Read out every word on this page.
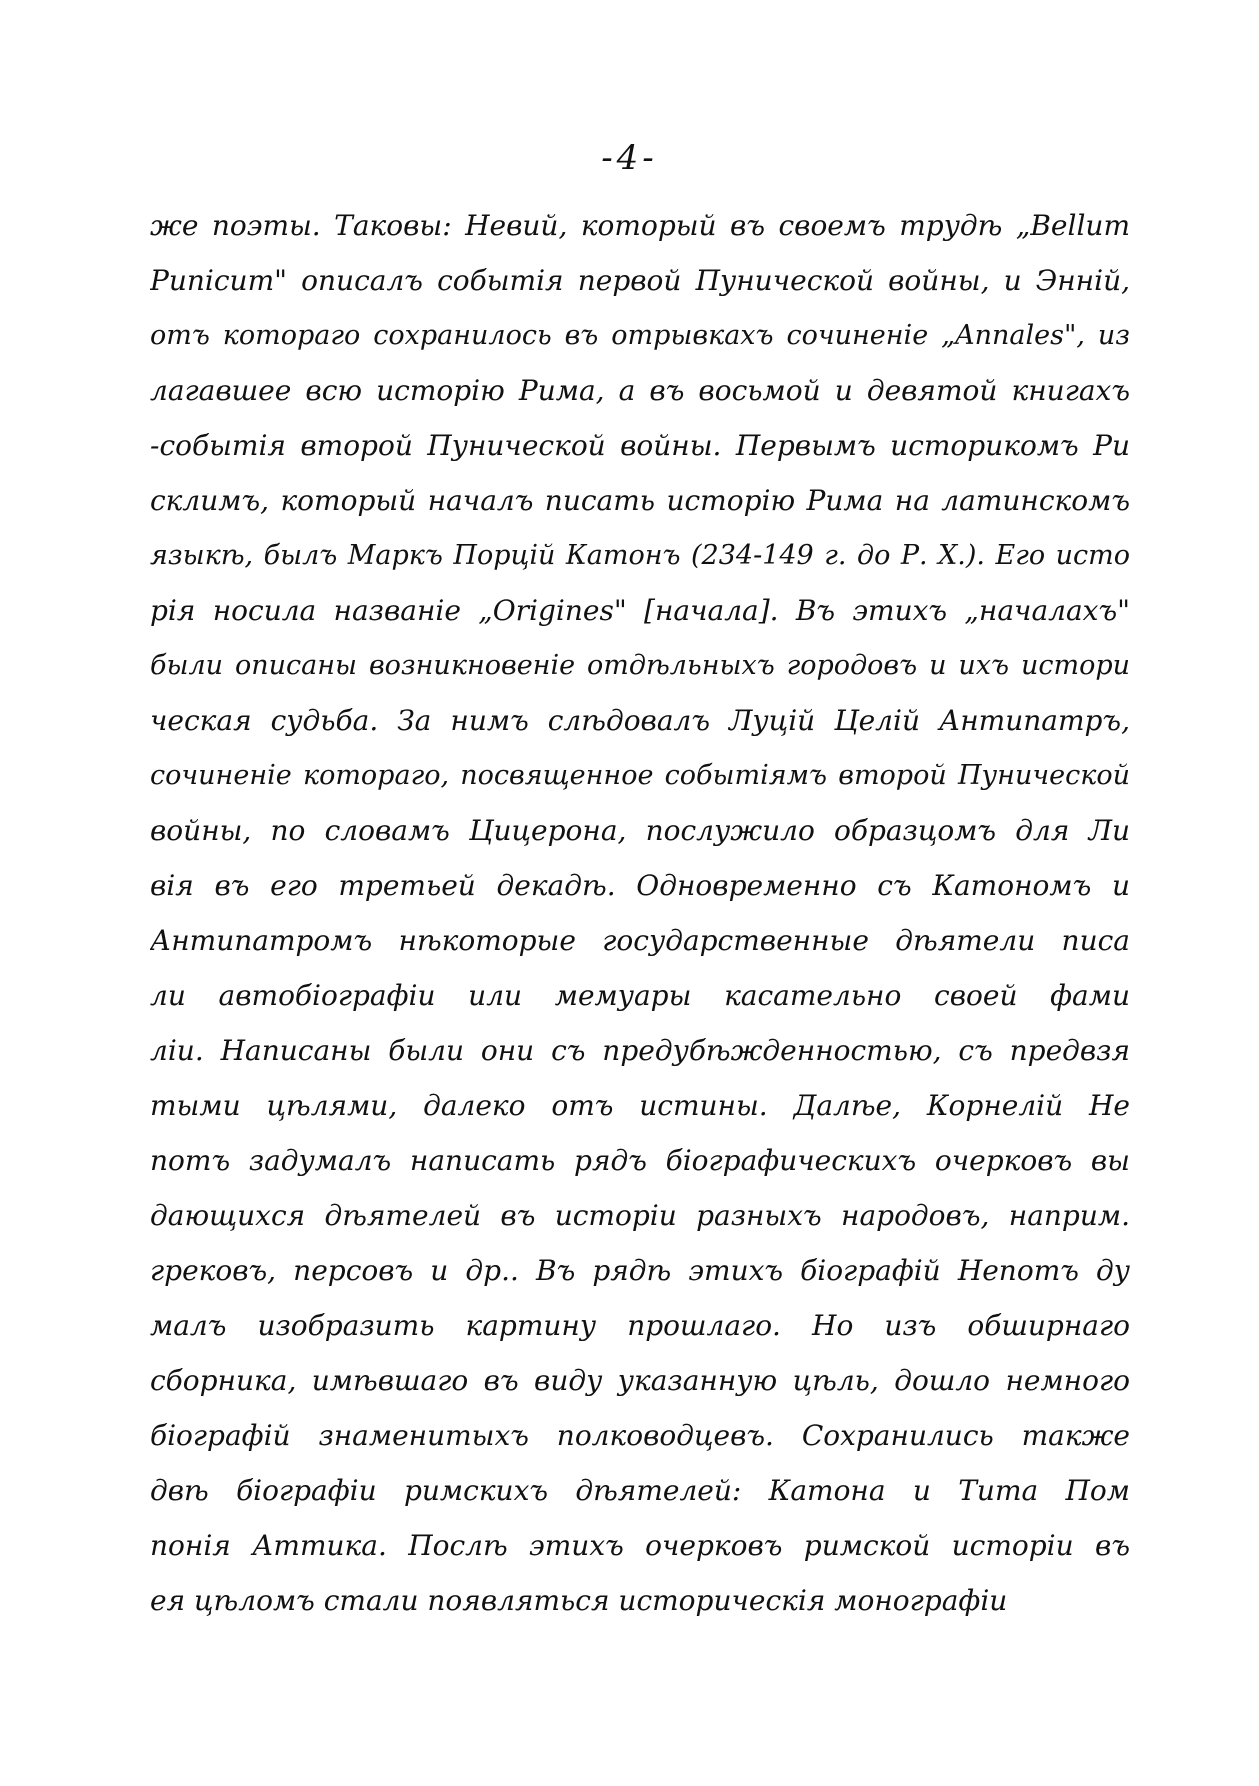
-4-
же поэты. Таковы: Невий, который въ своемъ трудѣ „Bellum
Punicum" описалъ событія первой Пунической войны, и Энній,
отъ котораго сохранилось въ отрывкахъ сочиненіе „Annales", из
лагавшее всю исторію Рима, а въ восьмой и девятой книгахъ
-событія второй Пунической войны. Первымъ историкомъ Ри
склимъ, который началъ писать исторію Рима на латинскомъ
языкѣ, былъ Маркъ Порцій Катонъ (234-149 г. до Р. Х.). Его исто
рія носила названіе „Origines" [начала]. Въ этихъ „началахъ"
были описаны возникновеніе отдѣльныхъ городовъ и ихъ истори
ческая судьба. За нимъ слѣдовалъ Луцій Целій Антипатръ,
сочиненіе котораго, посвященное событіямъ второй Пунической
войны, по словамъ Цицерона, послужило образцомъ для Ли
вія въ его третьей декадѣ. Одновременно съ Катономъ и
Антипатромъ нѣкоторые государственные дѣятели писа
ли автобіографіи или мемуары касательно своей фами
ліи. Написаны были они съ предубѣжденностью, съ предвзя
тыми цѣлями, далеко отъ истины. Далѣе, Корнелій Не
потъ задумалъ написать рядъ біографическихъ очерковъ вы
дающихся дѣятелей въ исторіи разныхъ народовъ, наприм.
грековъ, персовъ и др.. Въ рядѣ этихъ біографій Непотъ ду
малъ изобразить картину прошлаго. Но изъ обширнаго
сборника, имѣвшаго въ виду указанную цѣль, дошло немного
біографій знаменитыхъ полководцевъ. Сохранились также
двѣ біографіи римскихъ дѣятелей: Катона и Тита Пом
понія Аттика. Послѣ этихъ очерковъ римской исторіи въ
ея цѣломъ стали появляться историческія монографіи
